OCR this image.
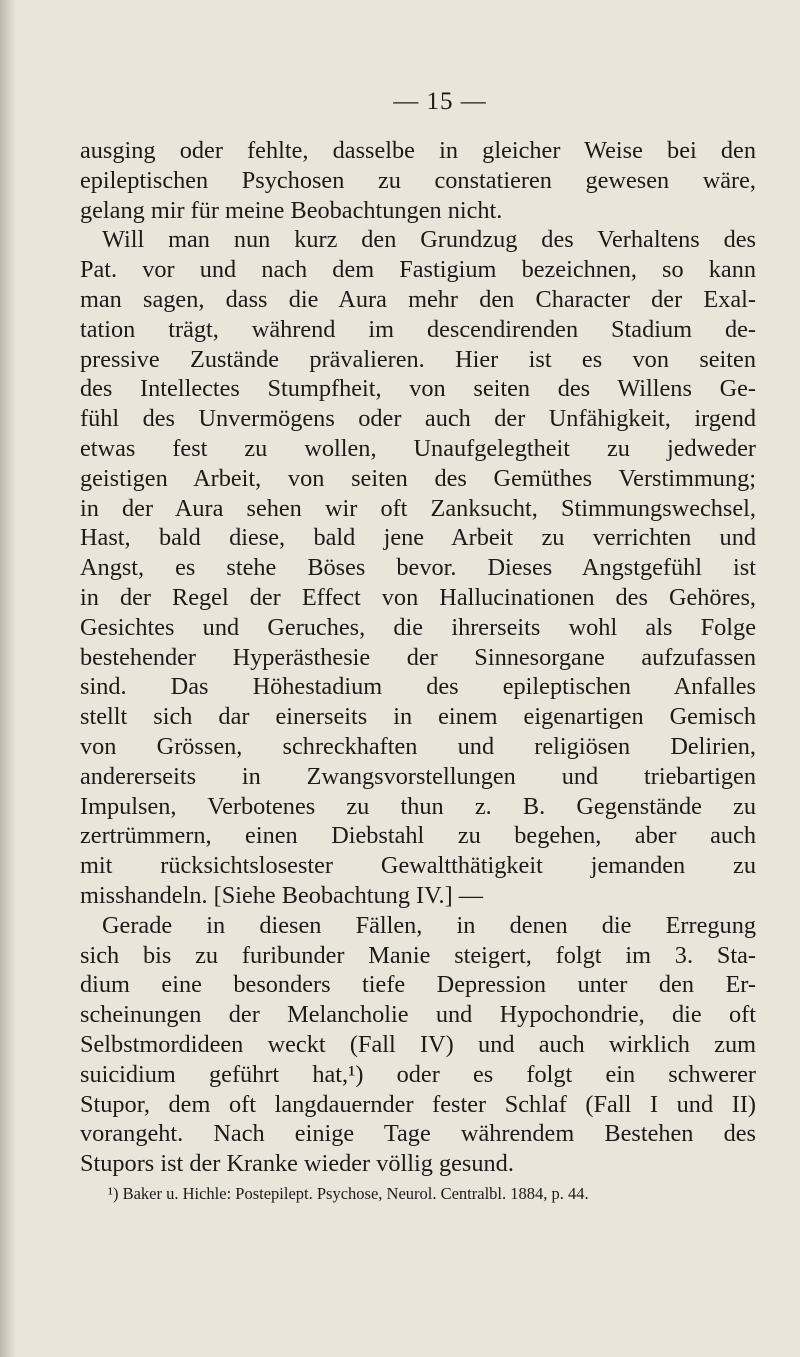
— 15 —
ausging oder fehlte, dasselbe in gleicher Weise bei den
epileptischen Psychosen zu constatieren gewesen wäre,
gelang mir für meine Beobachtungen nicht.
Will man nun kurz den Grundzug des Verhaltens des
Pat. vor und nach dem Fastigium bezeichnen, so kann
man sagen, dass die Aura mehr den Character der Exal-
tation trägt, während im descendirenden Stadium de-
pressive Zustände prävalieren. Hier ist es von seiten
des Intellectes Stumpfheit, von seiten des Willens Ge-
fühl des Unvermögens oder auch der Unfähigkeit, irgend
etwas fest zu wollen, Unaufgelegtheit zu jedweder
geistigen Arbeit, von seiten des Gemüthes Verstimmung;
in der Aura sehen wir oft Zanksucht, Stimmungswechsel,
Hast, bald diese, bald jene Arbeit zu verrichten und
Angst, es stehe Böses bevor. Dieses Angstgefühl ist
in der Regel der Effect von Hallucinationen des Gehöres,
Gesichtes und Geruches, die ihrerseits wohl als Folge
bestehender Hyperästhesie der Sinnesorgane aufzufassen
sind. Das Höhestadium des epileptischen Anfalles
stellt sich dar einerseits in einem eigenartigen Gemisch
von Grössen, schreckhaften und religiösen Delirien,
andererseits in Zwangsvorstellungen und triebartigen
Impulsen, Verbotenes zu thun z. B. Gegenstände zu
zertrümmern, einen Diebstahl zu begehen, aber auch
mit rücksichtslosester Gewaltthätigkeit jemanden zu
misshandeln. [Siehe Beobachtung IV.] —
Gerade in diesen Fällen, in denen die Erregung
sich bis zu furibunder Manie steigert, folgt im 3. Sta-
dium eine besonders tiefe Depression unter den Er-
scheinungen der Melancholie und Hypochondrie, die oft
Selbstmordideen weckt (Fall IV) und auch wirklich zum
suicidium geführt hat,¹) oder es folgt ein schwerer
Stupor, dem oft langdauernder fester Schlaf (Fall I und II)
vorangeht. Nach einige Tage währendem Bestehen des
Stupors ist der Kranke wieder völlig gesund.
¹) Baker u. Hichle: Postepilept. Psychose, Neurol. Centralbl. 1884, p. 44.
